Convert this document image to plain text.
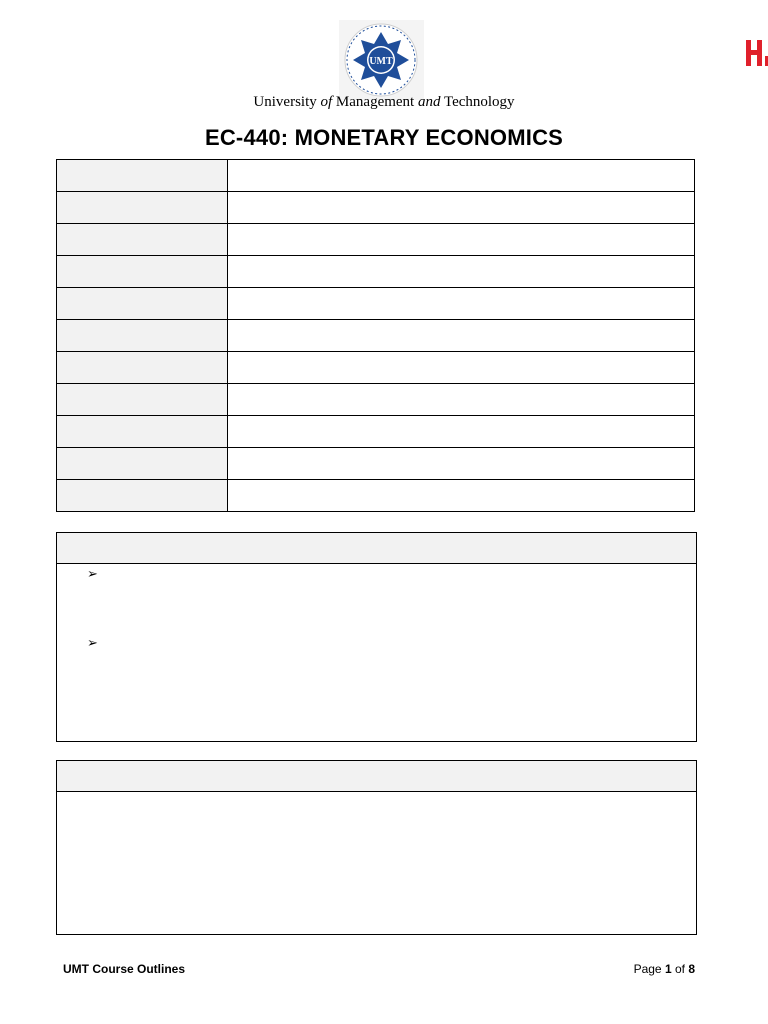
UMT
University of Management and Technology
EC-440: MONETARY ECONOMICS

➢
➢
UMT Course Outlines	Page 1 of 8
